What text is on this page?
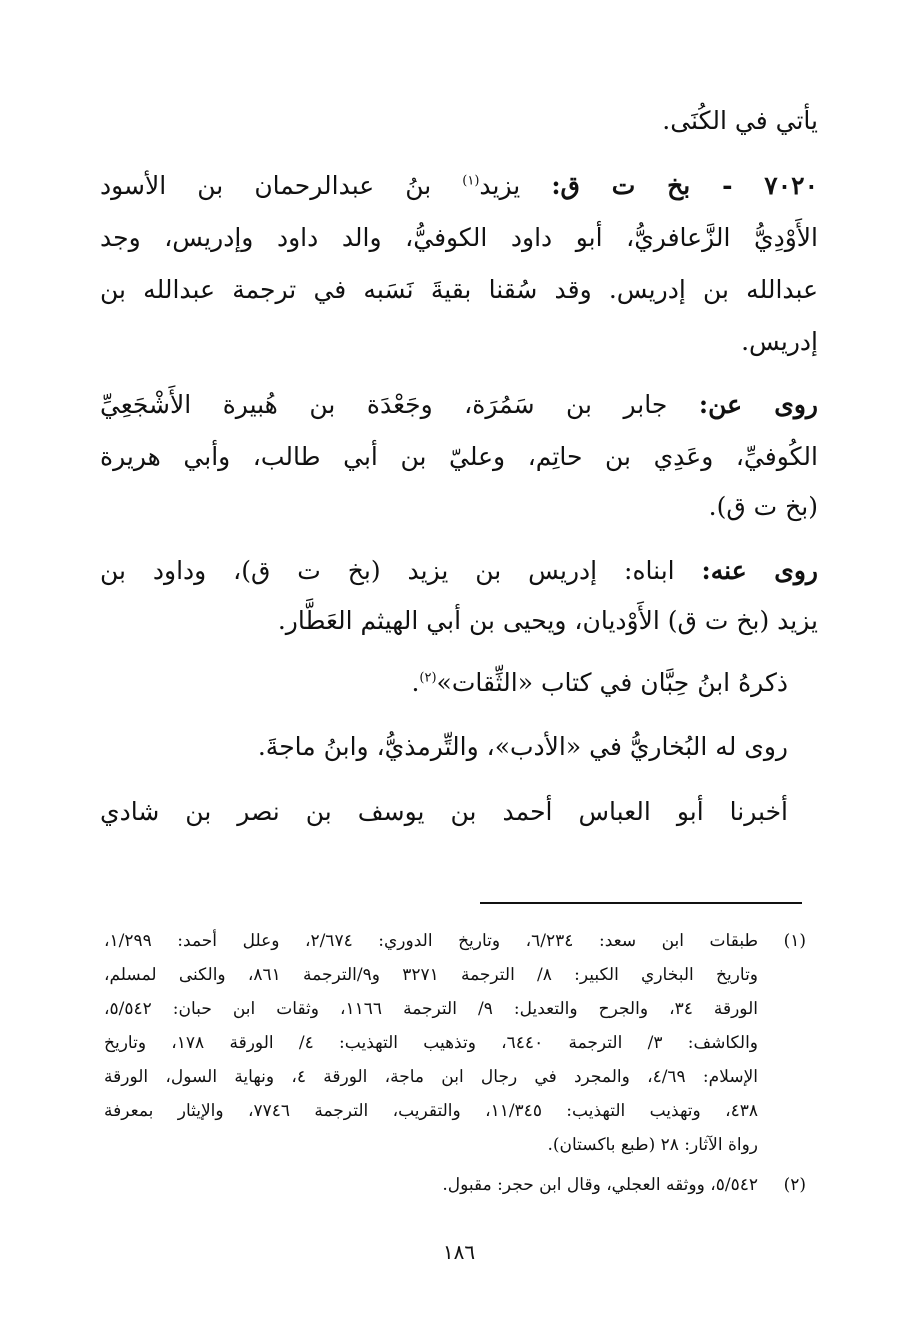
يأتي في الكُنَى.
٧٠٢٠ - بخ ت ق: يزيد$^{(١)}$ بنُ عبدالرحمان بن الأسود
الأَوْدِيُّ الزَّعافريُّ، أبو داود الكوفيُّ، والد داود وإدريس، وجد
عبدالله بن إدريس. وقد سُقنا بقيةَ نَسَبه في ترجمة عبدالله بن
إدريس.
روى عن: جابر بن سَمُرَة، وجَعْدَة بن هُبيرة الأَشْجَعِيِّ
الكُوفيِّ، وعَدِي بن حاتِم، وعليّ بن أبي طالب، وأبي هريرة
(بخ ت ق).
روى عنه: ابناه: إدريس بن يزيد (بخ ت ق)، وداود بن
يزيد (بخ ت ق) الأَوْديان، ويحيى بن أبي الهيثم العَطَّار.
ذكرهُ ابنُ حِبَّان في كتاب «الثِّقات»$^{(٢)}$.
روى له البُخاريُّ في «الأدب»، والتِّرمذيُّ، وابنُ ماجةَ.
أخبرنا أبو العباس أحمد بن يوسف بن نصر بن شادي
(١)
طبقات ابن سعد: ٦/٢٣٤، وتاريخ الدوري: ٢/٦٧٤، وعلل أحمد: ١/٢٩٩،
وتاريخ البخاري الكبير: ٨/ الترجمة ٣٢٧١ و٩/الترجمة ٨٦١، والكنى لمسلم،
الورقة ٣٤، والجرح والتعديل: ٩/ الترجمة ١١٦٦، وثقات ابن حبان: ٥/٥٤٢،
والكاشف: ٣/ الترجمة ٦٤٤٠، وتذهيب التهذيب: ٤/ الورقة ١٧٨، وتاريخ
الإسلام: ٤/٦٩، والمجرد في رجال ابن ماجة، الورقة ٤، ونهاية السول، الورقة
٤٣٨، وتهذيب التهذيب: ١١/٣٤٥، والتقريب، الترجمة ٧٧٤٦، والإيثار بمعرفة
رواة الآثار: ٢٨ (طبع باكستان).
(٢)
٥/٥٤٢، ووثقه العجلي، وقال ابن حجر: مقبول.
١٨٦
